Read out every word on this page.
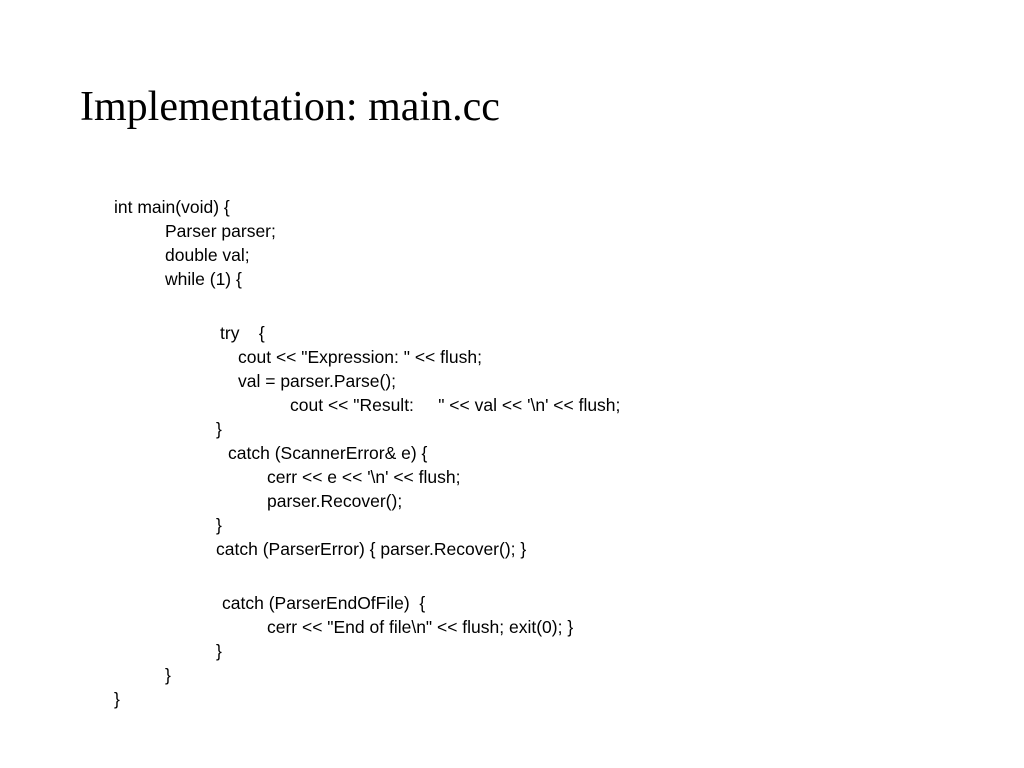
Implementation: main.cc
int main(void) {
Parser parser;
double val;
while (1) {
try    {
cout << "Expression: " << flush;
val = parser.Parse();
cout << "Result:     " << val << '\n' << flush;
}
catch (ScannerError& e) {
cerr << e << '\n' << flush;
parser.Recover();
}
catch (ParserError) { parser.Recover(); }
catch (ParserEndOfFile)  {
cerr << "End of file\n" << flush; exit(0); }
}
}
}
